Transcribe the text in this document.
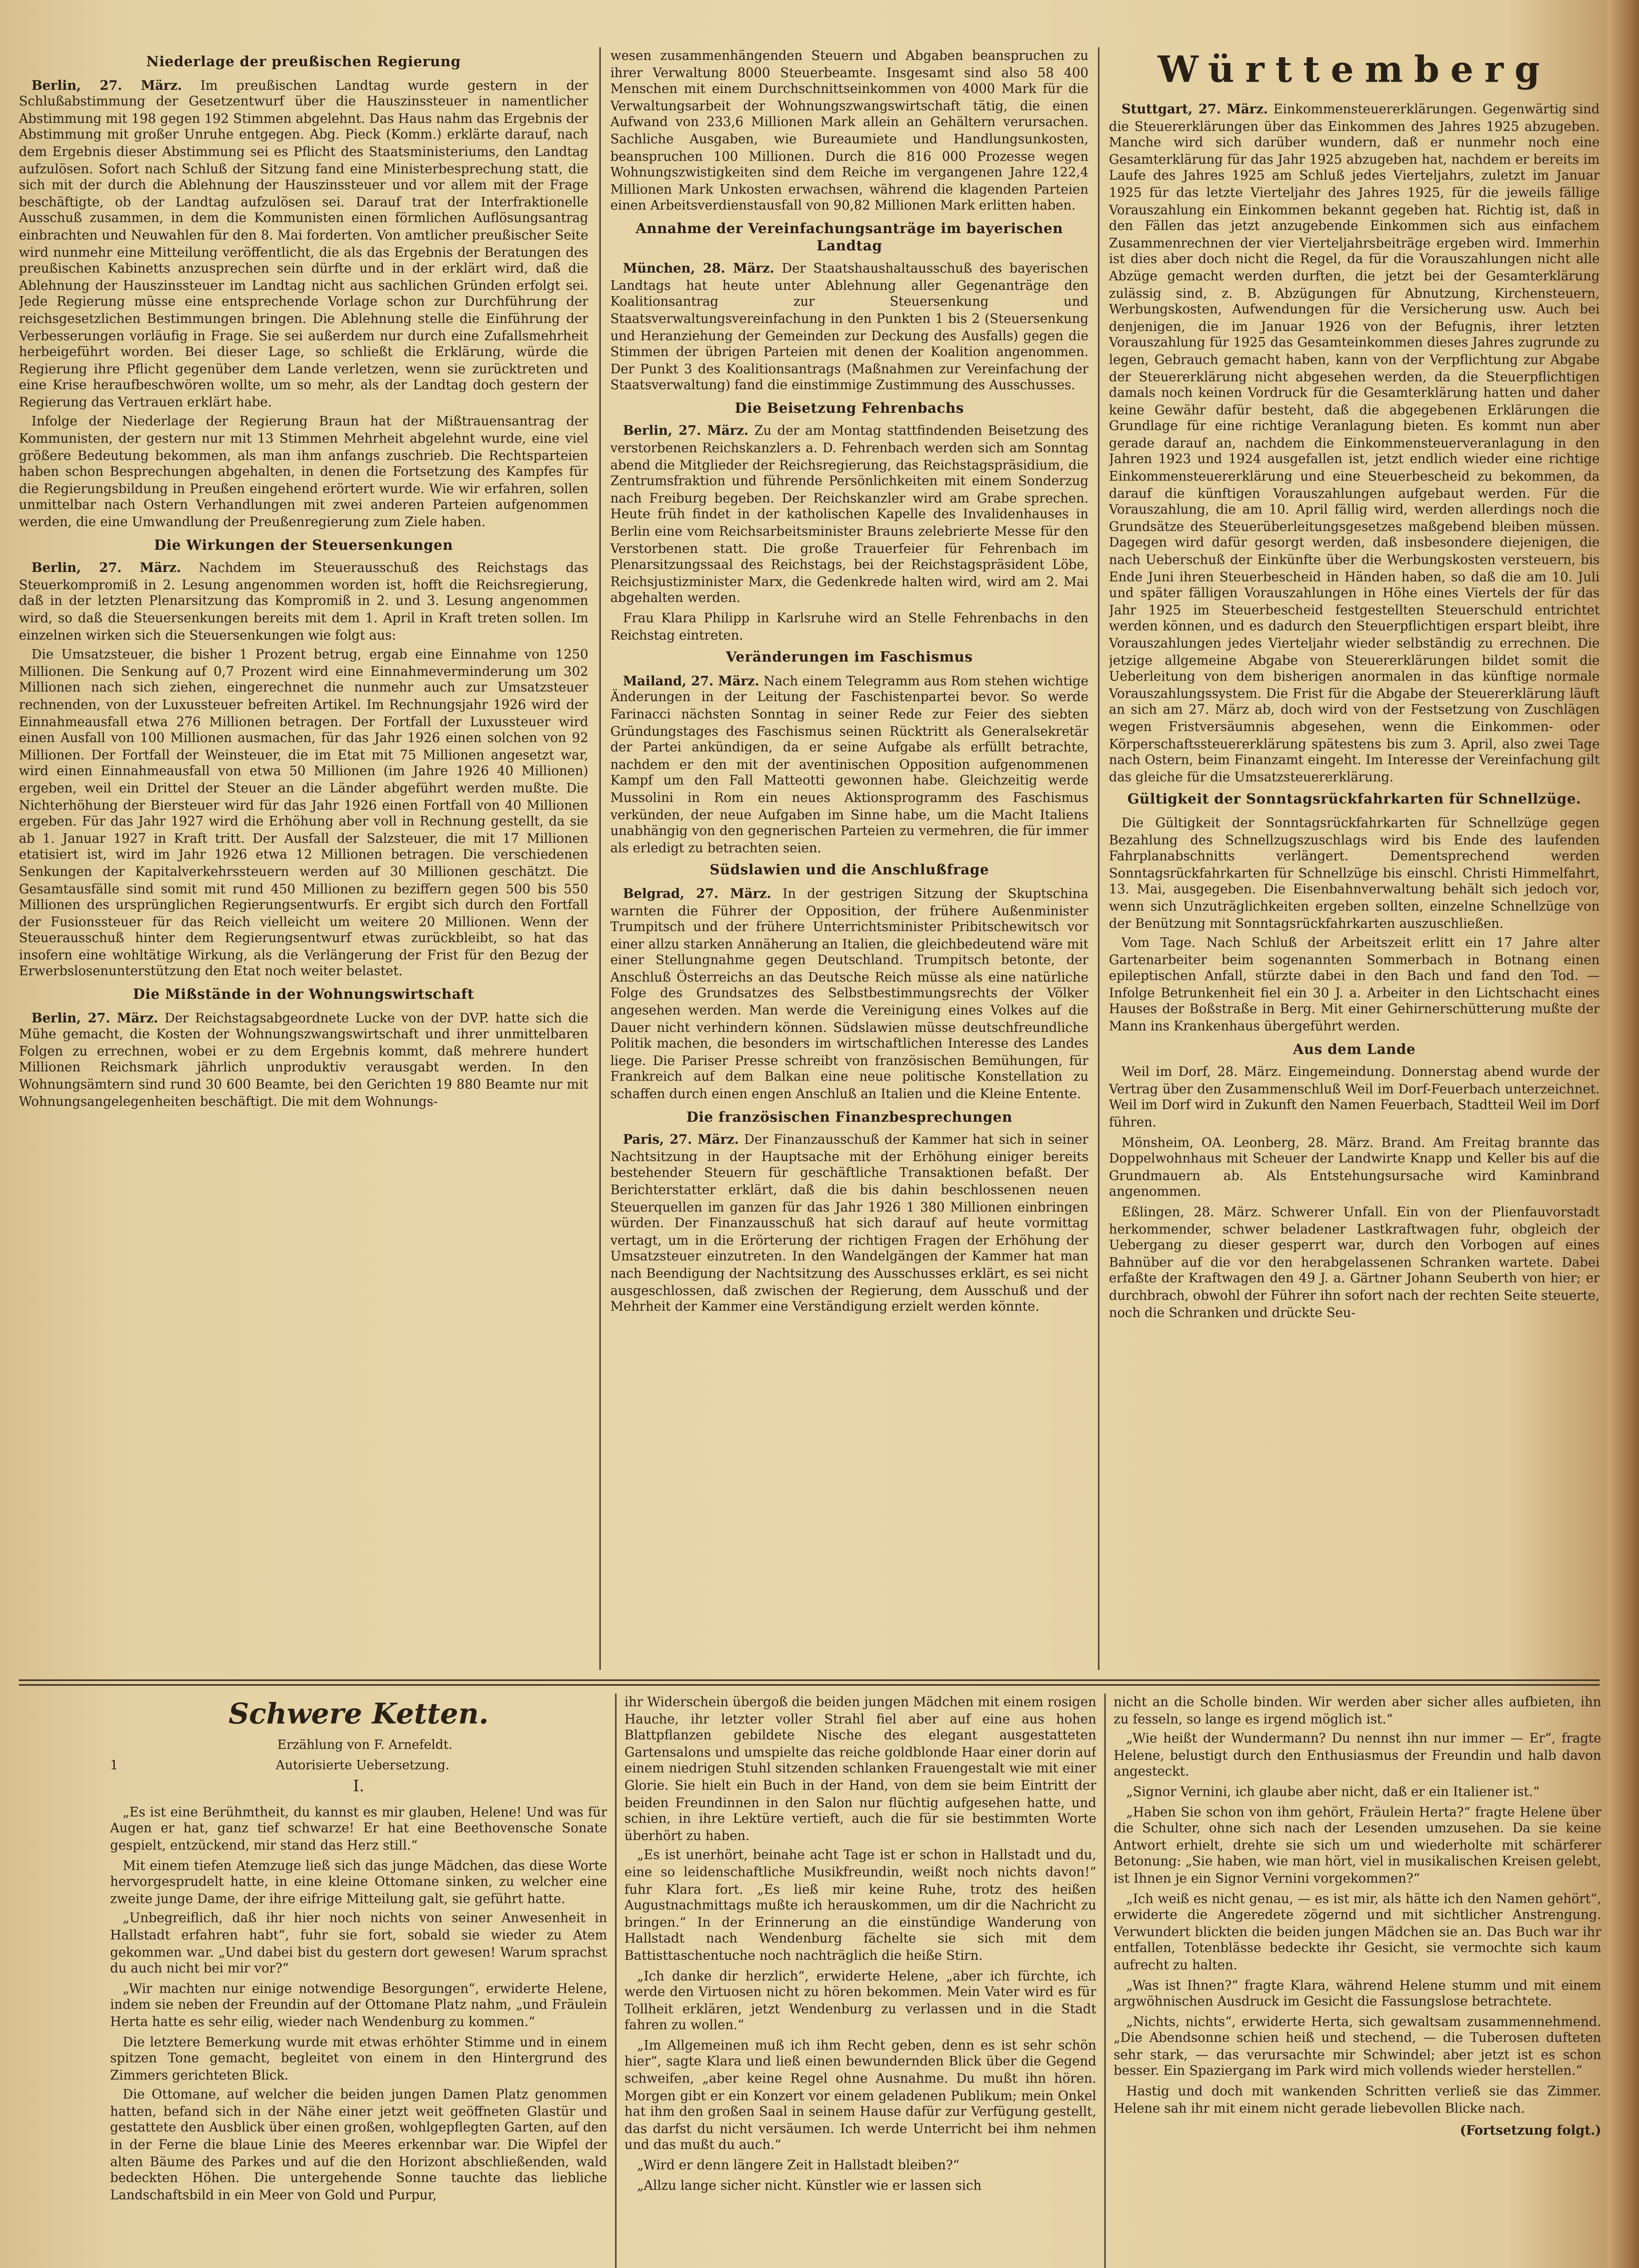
Niederlage der preußischen Regierung

Berlin, 27. März.	Im preußischen Landtag wurde gestern in der Schlußabstimmung der Gesetzentwurf über die Hauszinssteuer in namentlicher Abstimmung mit 198 gegen 192 Stimmen abgelehnt. Das Haus nahm das Ergebnis der Abstimmung mit großer Unruhe entgegen. Abg. Pieck (Komm.) erklärte darauf, nach dem Ergebnis dieser Abstimmung sei es Pflicht des Staatsministeriums, den Landtag aufzulösen. Sofort nach Schluß der Sitzung fand eine Ministerbesprechung statt, die sich mit der durch die Ablehnung der Hauszinssteuer und vor allem mit der Frage beschäftigte, ob der Landtag aufzulösen sei. Darauf trat der Interfraktionelle Ausschuß zusammen, in dem die Kommunisten einen förmlichen Auflösungsantrag einbrachten und Neuwahlen für den 8. Mai forderten. Von amtlicher preußischer Seite wird nunmehr eine Mitteilung veröffentlicht, die als das Ergebnis der Beratungen des preußischen Kabinetts anzusprechen sein dürfte und in der erklärt wird, daß die Ablehnung der Hauszinssteuer im Landtag nicht aus sachlichen Gründen erfolgt sei. Jede Regierung müsse eine entsprechende Vorlage schon zur Durchführung der reichsgesetzlichen Bestimmungen bringen. Die Ablehnung stelle die Einführung der Verbesserungen vorläufig in Frage. Sie sei außerdem nur durch eine Zufallsmehrheit herbeigeführt worden. Bei dieser Lage, so schließt die Erklärung, würde die Regierung ihre Pflicht gegenüber dem Lande verletzen, wenn sie zurücktreten und eine Krise heraufbeschwören wollte, um so mehr, als der Landtag doch gestern der Regierung das Vertrauen erklärt habe.

Infolge der Niederlage der Regierung Braun hat der Mißtrauensantrag der Kommunisten, der gestern nur mit 13 Stimmen Mehrheit abgelehnt wurde, eine viel größere Bedeutung bekommen, als man ihm anfangs zuschrieb. Die Rechtsparteien haben schon Besprechungen abgehalten, in denen die Fortsetzung des Kampfes für die Regierungsbildung in Preußen eingehend erörtert wurde. Wie wir erfahren, sollen unmittelbar nach Ostern Verhandlungen mit zwei anderen Parteien aufgenommen werden, die eine Umwandlung der Preußenregierung zum Ziele haben.

Die Wirkungen der Steuersenkungen

Berlin, 27. März.	Nachdem im Steuerausschuß des Reichstags das Steuerkompromiß in 2. Lesung angenommen worden ist, hofft die Reichsregierung, daß in der letzten Plenarsitzung das Kompromiß in 2. und 3. Lesung angenommen wird, so daß die Steuersenkungen bereits mit dem 1. April in Kraft treten sollen. Im einzelnen wirken sich die Steuersenkungen wie folgt aus:

Die Umsatzsteuer, die bisher 1 Prozent betrug, ergab eine Einnahme von 1250 Millionen. Die Senkung auf 0,7 Prozent wird eine Einnahmeverminderung um 302 Millionen nach sich ziehen, eingerechnet die nunmehr auch zur Umsatzsteuer rechnenden, von der Luxussteuer befreiten Artikel. Im Rechnungsjahr 1926 wird der Einnahmeausfall etwa 276 Millionen betragen. Der Fortfall der Luxussteuer wird einen Ausfall von 100 Millionen ausmachen, für das Jahr 1926 einen solchen von 92 Millionen. Der Fortfall der Weinsteuer, die im Etat mit 75 Millionen angesetzt war, wird einen Einnahmeausfall von etwa 50 Millionen (im Jahre 1926 40 Millionen) ergeben, weil ein Drittel der Steuer an die Länder abgeführt werden mußte. Die Nichterhöhung der Biersteuer wird für das Jahr 1926 einen Fortfall von 40 Millionen ergeben. Für das Jahr 1927 wird die Erhöhung aber voll in Rechnung gestellt, da sie ab 1. Januar 1927 in Kraft tritt. Der Ausfall der Salzsteuer, die mit 17 Millionen etatisiert ist, wird im Jahr 1926 etwa 12 Millionen betragen. Die verschiedenen Senkungen der Kapitalverkehrssteuern werden auf 30 Millionen geschätzt. Die Gesamtausfälle sind somit mit rund 450 Millionen zu beziffern gegen 500 bis 550 Millionen des ursprünglichen Regierungsentwurfs. Er ergibt sich durch den Fortfall der Fusionssteuer für das Reich vielleicht um weitere 20 Millionen. Wenn der Steuerausschuß hinter dem Regierungsentwurf etwas zurückbleibt, so hat das insofern eine wohltätige Wirkung, als die Verlängerung der Frist für den Bezug der Erwerbslosenunterstützung den Etat noch weiter belastet.

Die Mißstände in der Wohnungswirtschaft

Berlin, 27. März. Der Reichstagsabgeordnete Lucke von der DVP. hatte sich die Mühe gemacht, die Kosten der Wohnungszwangswirtschaft und ihrer unmittelbaren Folgen zu errechnen, wobei er zu dem Ergebnis kommt, daß mehrere hundert Millionen Reichsmark jährlich unproduktiv verausgabt werden. In den Wohnungsämtern sind rund 30 600 Beamte, bei den Gerichten 19 880 Beamte nur mit Wohnungsangelegenheiten beschäftigt. Die mit dem Wohnungs-

wesen zusammenhängenden Steuern und Abgaben beanspruchen zu ihrer Verwaltung 8000 Steuerbeamte. Insgesamt sind also 58 400 Menschen mit einem Durchschnittseinkommen von 4000 Mark für die Verwaltungsarbeit der Wohnungszwangswirtschaft tätig, die einen Aufwand von 233,6 Millionen Mark allein an Gehältern verursachen. Sachliche Ausgaben, wie Bureaumiete und Handlungsunkosten, beanspruchen 100 Millionen. Durch die 816 000 Prozesse wegen Wohnungszwistigkeiten sind dem Reiche im vergangenen Jahre 122,4 Millionen Mark Unkosten erwachsen, während die klagenden Parteien einen Arbeitsverdienstausfall von 90,82 Millionen Mark erlitten haben.

Annahme der Vereinfachungsanträge im bayerischen Landtag

München, 28. März. Der Staatshaushaltausschuß des bayerischen Landtags hat heute unter Ablehnung aller Gegenanträge den Koalitionsantrag zur Steuersenkung und Staatsverwaltungsvereinfachung in den Punkten 1 bis 2 (Steuersenkung und Heranziehung der Gemeinden zur Deckung des Ausfalls) gegen die Stimmen der übrigen Parteien mit denen der Koalition angenommen. Der Punkt 3 des Koalitionsantrags (Maßnahmen zur Vereinfachung der Staatsverwaltung) fand die einstimmige Zustimmung des Ausschusses.

Die Beisetzung Fehrenbachs

Berlin, 27. März. Zu der am Montag stattfindenden Beisetzung des verstorbenen Reichskanzlers a. D. Fehrenbach werden sich am Sonntag abend die Mitglieder der Reichsregierung, das Reichstagspräsidium, die Zentrumsfraktion und führende Persönlichkeiten mit einem Sonderzug nach Freiburg begeben. Der Reichskanzler wird am Grabe sprechen. Heute früh findet in der katholischen Kapelle des Invalidenhauses in Berlin eine vom Reichsarbeitsminister Brauns zelebrierte Messe für den Verstorbenen statt. Die große Trauerfeier für Fehrenbach im Plenarsitzungssaal des Reichstags, bei der Reichstagspräsident Löbe, Reichsjustizminister Marx, die Gedenkrede halten wird, wird am 2. Mai abgehalten werden.

Frau Klara Philipp in Karlsruhe wird an Stelle Fehrenbachs in den Reichstag eintreten.

Veränderungen im Faschismus

Mailand, 27. März. Nach einem Telegramm aus Rom stehen wichtige Änderungen in der Leitung der Faschistenpartei bevor. So werde Farinacci nächsten Sonntag in seiner Rede zur Feier des siebten Gründungstages des Faschismus seinen Rücktritt als Generalsekretär der Partei ankündigen, da er seine Aufgabe als erfüllt betrachte, nachdem er den mit der aventinischen Opposition aufgenommenen Kampf um den Fall Matteotti gewonnen habe. Gleichzeitig werde Mussolini in Rom ein neues Aktionsprogramm des Faschismus verkünden, der neue Aufgaben im Sinne habe, um die Macht Italiens unabhängig von den gegnerischen Parteien zu vermehren, die für immer als erledigt zu betrachten seien.

Südslawien und die Anschlußfrage

Belgrad, 27. März.	In der gestrigen Sitzung der Skuptschina warnten die Führer der Opposition, der frühere Außenminister Trumpitsch und der frühere Unterrichtsminister Pribitschewitsch vor einer allzu starken Annäherung an Italien, die gleichbedeutend wäre mit einer Stellungnahme gegen Deutschland. Trumpitsch betonte, der Anschluß Österreichs an das Deutsche Reich müsse als eine natürliche Folge des Grundsatzes des Selbstbestimmungsrechts der Völker angesehen werden. Man werde die Vereinigung eines Volkes auf die Dauer nicht verhindern können. Südslawien müsse deutschfreundliche Politik machen, die besonders im wirtschaftlichen Interesse des Landes liege. Die Pariser Presse schreibt von französischen Bemühungen, für Frankreich auf dem Balkan eine neue politische Konstellation zu schaffen durch einen engen Anschluß an Italien und die Kleine Entente.

Die französischen Finanzbesprechungen

Paris, 27. März. Der Finanzausschuß der Kammer hat sich in seiner Nachtsitzung in der Hauptsache mit der Erhöhung einiger bereits bestehender Steuern für geschäftliche Transaktionen befaßt. Der Berichterstatter erklärt, daß die bis dahin beschlossenen neuen Steuerquellen im ganzen für das Jahr 1926 1 380 Millionen einbringen würden. Der Finanzausschuß hat sich darauf auf heute vormittag vertagt, um in die Erörterung der richtigen Fragen der Erhöhung der Umsatzsteuer einzutreten. In den Wandelgängen der Kammer hat man nach Beendigung der Nachtsitzung des Ausschusses erklärt, es sei nicht ausgeschlossen, daß zwischen der Regierung, dem Ausschuß und der Mehrheit der Kammer eine Verständigung erzielt werden könnte.

Württemberg

Stuttgart, 27. März. Einkommensteuererklärungen. Gegenwärtig sind die Steuererklärungen über das Einkommen des Jahres 1925 abzugeben. Manche wird sich darüber wundern, daß er nunmehr noch eine Gesamterklärung für das Jahr 1925 abzugeben hat, nachdem er bereits im Laufe des Jahres 1925 am Schluß jedes Vierteljahrs, zuletzt im Januar 1925 für das letzte Vierteljahr des Jahres 1925, für die jeweils fällige Vorauszahlung ein Einkommen bekannt gegeben hat. Richtig ist, daß in den Fällen das jetzt anzugebende Einkommen sich aus einfachem Zusammenrechnen der vier Vierteljahrsbeiträge ergeben wird. Immerhin ist dies aber doch nicht die Regel, da für die Vorauszahlungen nicht alle Abzüge gemacht werden durften, die jetzt bei der Gesamterklärung zulässig sind, z. B. Abzügungen für Abnutzung, Kirchensteuern, Werbungskosten, Aufwendungen für die Versicherung usw. Auch bei denjenigen, die im Januar 1926 von der Befugnis, ihrer letzten Vorauszahlung für 1925 das Gesamteinkommen dieses Jahres zugrunde zu legen, Gebrauch gemacht haben, kann von der Verpflichtung zur Abgabe der Steuererklärung nicht abgesehen werden, da die Steuerpflichtigen damals noch keinen Vordruck für die Gesamterklärung hatten und daher keine Gewähr dafür besteht, daß die abgegebenen Erklärungen die Grundlage für eine richtige Veranlagung bieten. Es kommt nun aber gerade darauf an, nachdem die Einkommensteuerveranlagung in den Jahren 1923 und 1924 ausgefallen ist, jetzt endlich wieder eine richtige Einkommensteuererklärung und eine Steuerbescheid zu bekommen, da darauf die künftigen Vorauszahlungen aufgebaut werden. Für die Vorauszahlung, die am 10. April fällig wird, werden allerdings noch die Grundsätze des Steuerüberleitungsgesetzes maßgebend bleiben müssen. Dagegen wird dafür gesorgt werden, daß insbesondere diejenigen, die nach Ueberschuß der Einkünfte über die Werbungskosten versteuern, bis Ende Juni ihren Steuerbescheid in Händen haben, so daß die am 10. Juli und später fälligen Vorauszahlungen in Höhe eines Viertels der für das Jahr 1925 im Steuerbescheid festgestellten Steuerschuld entrichtet werden können, und es dadurch den Steuerpflichtigen erspart bleibt, ihre Vorauszahlungen jedes Vierteljahr wieder selbständig zu errechnen. Die jetzige allgemeine Abgabe von Steuererklärungen bildet somit die Ueberleitung von dem bisherigen anormalen in das künftige normale Vorauszahlungssystem. Die Frist für die Abgabe der Steuererklärung läuft an sich am 27. März ab, doch wird von der Festsetzung von Zuschlägen wegen Fristversäumnis abgesehen, wenn die Einkommen- oder Körperschaftssteuererklärung spätestens bis zum 3. April, also zwei Tage nach Ostern, beim Finanzamt eingeht. Im Interesse der Vereinfachung gilt das gleiche für die Umsatzsteuererklärung.

Gültigkeit der Sonntagsrückfahrkarten für Schnellzüge.

Die Gültigkeit der Sonntagsrückfahrkarten für Schnellzüge gegen Bezahlung des Schnellzugszuschlags wird bis Ende des laufenden Fahrplanabschnitts verlängert. Dementsprechend werden Sonntagsrückfahrkarten für Schnellzüge bis einschl. Christi Himmelfahrt, 13. Mai, ausgegeben. Die Eisenbahnverwaltung behält sich jedoch vor, wenn sich Unzuträglichkeiten ergeben sollten, einzelne Schnellzüge von der Benützung mit Sonntagsrückfahrkarten auszuschließen.

Vom Tage. Nach Schluß der Arbeitszeit erlitt ein 17 Jahre alter Gartenarbeiter beim sogenannten Sommerbach in Botnang einen epileptischen Anfall, stürzte dabei in den Bach und fand den Tod. — Infolge Betrunkenheit fiel ein 30 J. a. Arbeiter in den Lichtschacht eines Hauses der Boßstraße in Berg. Mit einer Gehirnerschütterung mußte der Mann ins Krankenhaus übergeführt werden.

Aus dem Lande

Weil im Dorf, 28. März. Eingemeindung. Donnerstag abend wurde der Vertrag über den Zusammenschluß Weil im Dorf-Feuerbach unterzeichnet. Weil im Dorf wird in Zukunft den Namen Feuerbach, Stadtteil Weil im Dorf führen.

Mönsheim, OA. Leonberg, 28. März. Brand. Am Freitag brannte das Doppelwohnhaus mit Scheuer der Landwirte Knapp und Keller bis auf die Grundmauern ab. Als Entstehungsursache wird Kaminbrand angenommen.

Eßlingen, 28. März. Schwerer Unfall. Ein von der Plienfauvorstadt herkommender, schwer beladener Lastkraftwagen fuhr, obgleich der Uebergang zu dieser gesperrt war, durch den Vorbogen auf eines Bahnüber auf die vor den herabgelassenen Schranken wartete. Dabei erfaßte der Kraftwagen den 49 J. a. Gärtner Johann Seuberth von hier; er durchbrach, obwohl der Führer ihn sofort nach der rechten Seite steuerte, noch die Schranken und drückte Seu-

Schwere Ketten.

Erzählung von F. Arnefeldt.

1	Autorisierte Uebersetzung.
I.

„Es ist eine Berühmtheit, du kannst es mir glauben, Helene! Und was für Augen er hat, ganz tief schwarze! Er hat eine Beethovensche Sonate gespielt, entzückend, mir stand das Herz still.“

Mit einem tiefen Atemzuge ließ sich das junge Mädchen, das diese Worte hervorgesprudelt hatte, in eine kleine Ottomane sinken, zu welcher eine zweite junge Dame, der ihre eifrige Mitteilung galt, sie geführt hatte.

„Unbegreiflich, daß ihr hier noch nichts von seiner Anwesenheit in Hallstadt erfahren habt“, fuhr sie fort, sobald sie wieder zu Atem gekommen war. „Und dabei bist du gestern dort gewesen! Warum sprachst du auch nicht bei mir vor?“

„Wir machten nur einige notwendige Besorgungen“, erwiderte Helene, indem sie neben der Freundin auf der Ottomane Platz nahm, „und Fräulein Herta hatte es sehr eilig, wieder nach Wendenburg zu kommen.“

Die letztere Bemerkung wurde mit etwas erhöhter Stimme und in einem spitzen Tone gemacht, begleitet von einem in den Hintergrund des Zimmers gerichteten Blick.

Die Ottomane, auf welcher die beiden jungen Damen Platz genommen hatten, befand sich in der Nähe einer jetzt weit geöffneten Glastür und gestattete den Ausblick über einen großen, wohlgepflegten Garten, auf den in der Ferne die blaue Linie des Meeres erkennbar war. Die Wipfel der alten Bäume des Parkes und auf die den Horizont abschließenden, wald bedeckten Höhen. Die untergehende Sonne tauchte das liebliche Landschaftsbild in ein Meer von Gold und Purpur,

ihr Widerschein übergoß die beiden jungen Mädchen mit einem rosigen Hauche, ihr letzter voller Strahl fiel aber auf eine aus hohen Blattpflanzen gebildete Nische des elegant ausgestatteten Gartensalons und umspielte das reiche goldblonde Haar einer dorin auf einem niedrigen Stuhl sitzenden schlanken Frauengestalt wie mit einer Glorie. Sie hielt ein Buch in der Hand, von dem sie beim Eintritt der beiden Freundinnen in den Salon nur flüchtig aufgesehen hatte, und schien, in ihre Lektüre vertieft, auch die für sie bestimmten Worte überhört zu haben.

„Es ist unerhört, beinahe acht Tage ist er schon in Hallstadt und du, eine so leidenschaftliche Musikfreundin, weißt noch nichts davon!“ fuhr Klara fort. „Es ließ mir keine Ruhe, trotz des heißen Augustnachmittags mußte ich herauskommen, um dir die Nachricht zu bringen.“ In der Erinnerung an die einstündige Wanderung von Hallstadt nach Wendenburg fächelte sie sich mit dem Battisttaschentuche noch nachträglich die heiße Stirn.

„Ich danke dir herzlich“, erwiderte Helene, „aber ich fürchte, ich werde den Virtuosen nicht zu hören bekommen. Mein Vater wird es für Tollheit erklären, jetzt Wendenburg zu verlassen und in die Stadt fahren zu wollen.“

„Im Allgemeinen muß ich ihm Recht geben, denn es ist sehr schön hier“, sagte Klara und ließ einen bewundernden Blick über die Gegend schweifen, „aber keine Regel ohne Ausnahme. Du mußt ihn hören. Morgen gibt er ein Konzert vor einem geladenen Publikum; mein Onkel hat ihm den großen Saal in seinem Hause dafür zur Verfügung gestellt, das darfst du nicht versäumen. Ich werde Unterricht bei ihm nehmen und das mußt du auch.“

„Wird er denn längere Zeit in Hallstadt bleiben?“

„Allzu lange sicher nicht. Künstler wie er lassen sich

nicht an die Scholle binden. Wir werden aber sicher alles aufbieten, ihn zu fesseln, so lange es irgend möglich ist.“

„Wie heißt der Wundermann? Du nennst ihn nur immer — Er“, fragte Helene, belustigt durch den Enthusiasmus der Freundin und halb davon angesteckt.

„Signor Vernini, ich glaube aber nicht, daß er ein Italiener ist.“

„Haben Sie schon von ihm gehört, Fräulein Herta?“ fragte Helene über die Schulter, ohne sich nach der Lesenden umzusehen. Da sie keine Antwort erhielt, drehte sie sich um und wiederholte mit schärferer Betonung: „Sie haben, wie man hört, viel in musikalischen Kreisen gelebt, ist Ihnen je ein Signor Vernini vorgekommen?“

„Ich weiß es nicht genau, — es ist mir, als hätte ich den Namen gehört“, erwiderte die Angeredete zögernd und mit sichtlicher Anstrengung. Verwundert blickten die beiden jungen Mädchen sie an. Das Buch war ihr entfallen, Totenblässe bedeckte ihr Gesicht, sie vermochte sich kaum aufrecht zu halten.

„Was ist Ihnen?“ fragte Klara, während Helene stumm und mit einem argwöhnischen Ausdruck im Gesicht die Fassungslose betrachtete.

„Nichts, nichts“, erwiderte Herta, sich gewaltsam zusammennehmend. „Die Abendsonne schien heiß und stechend, — die Tuberosen dufteten sehr stark, — das verursachte mir Schwindel; aber jetzt ist es schon besser. Ein Spaziergang im Park wird mich vollends wieder herstellen.“

Hastig und doch mit wankenden Schritten verließ sie das Zimmer. Helene sah ihr mit einem nicht gerade liebevollen Blicke nach.

(Fortsetzung folgt.)
